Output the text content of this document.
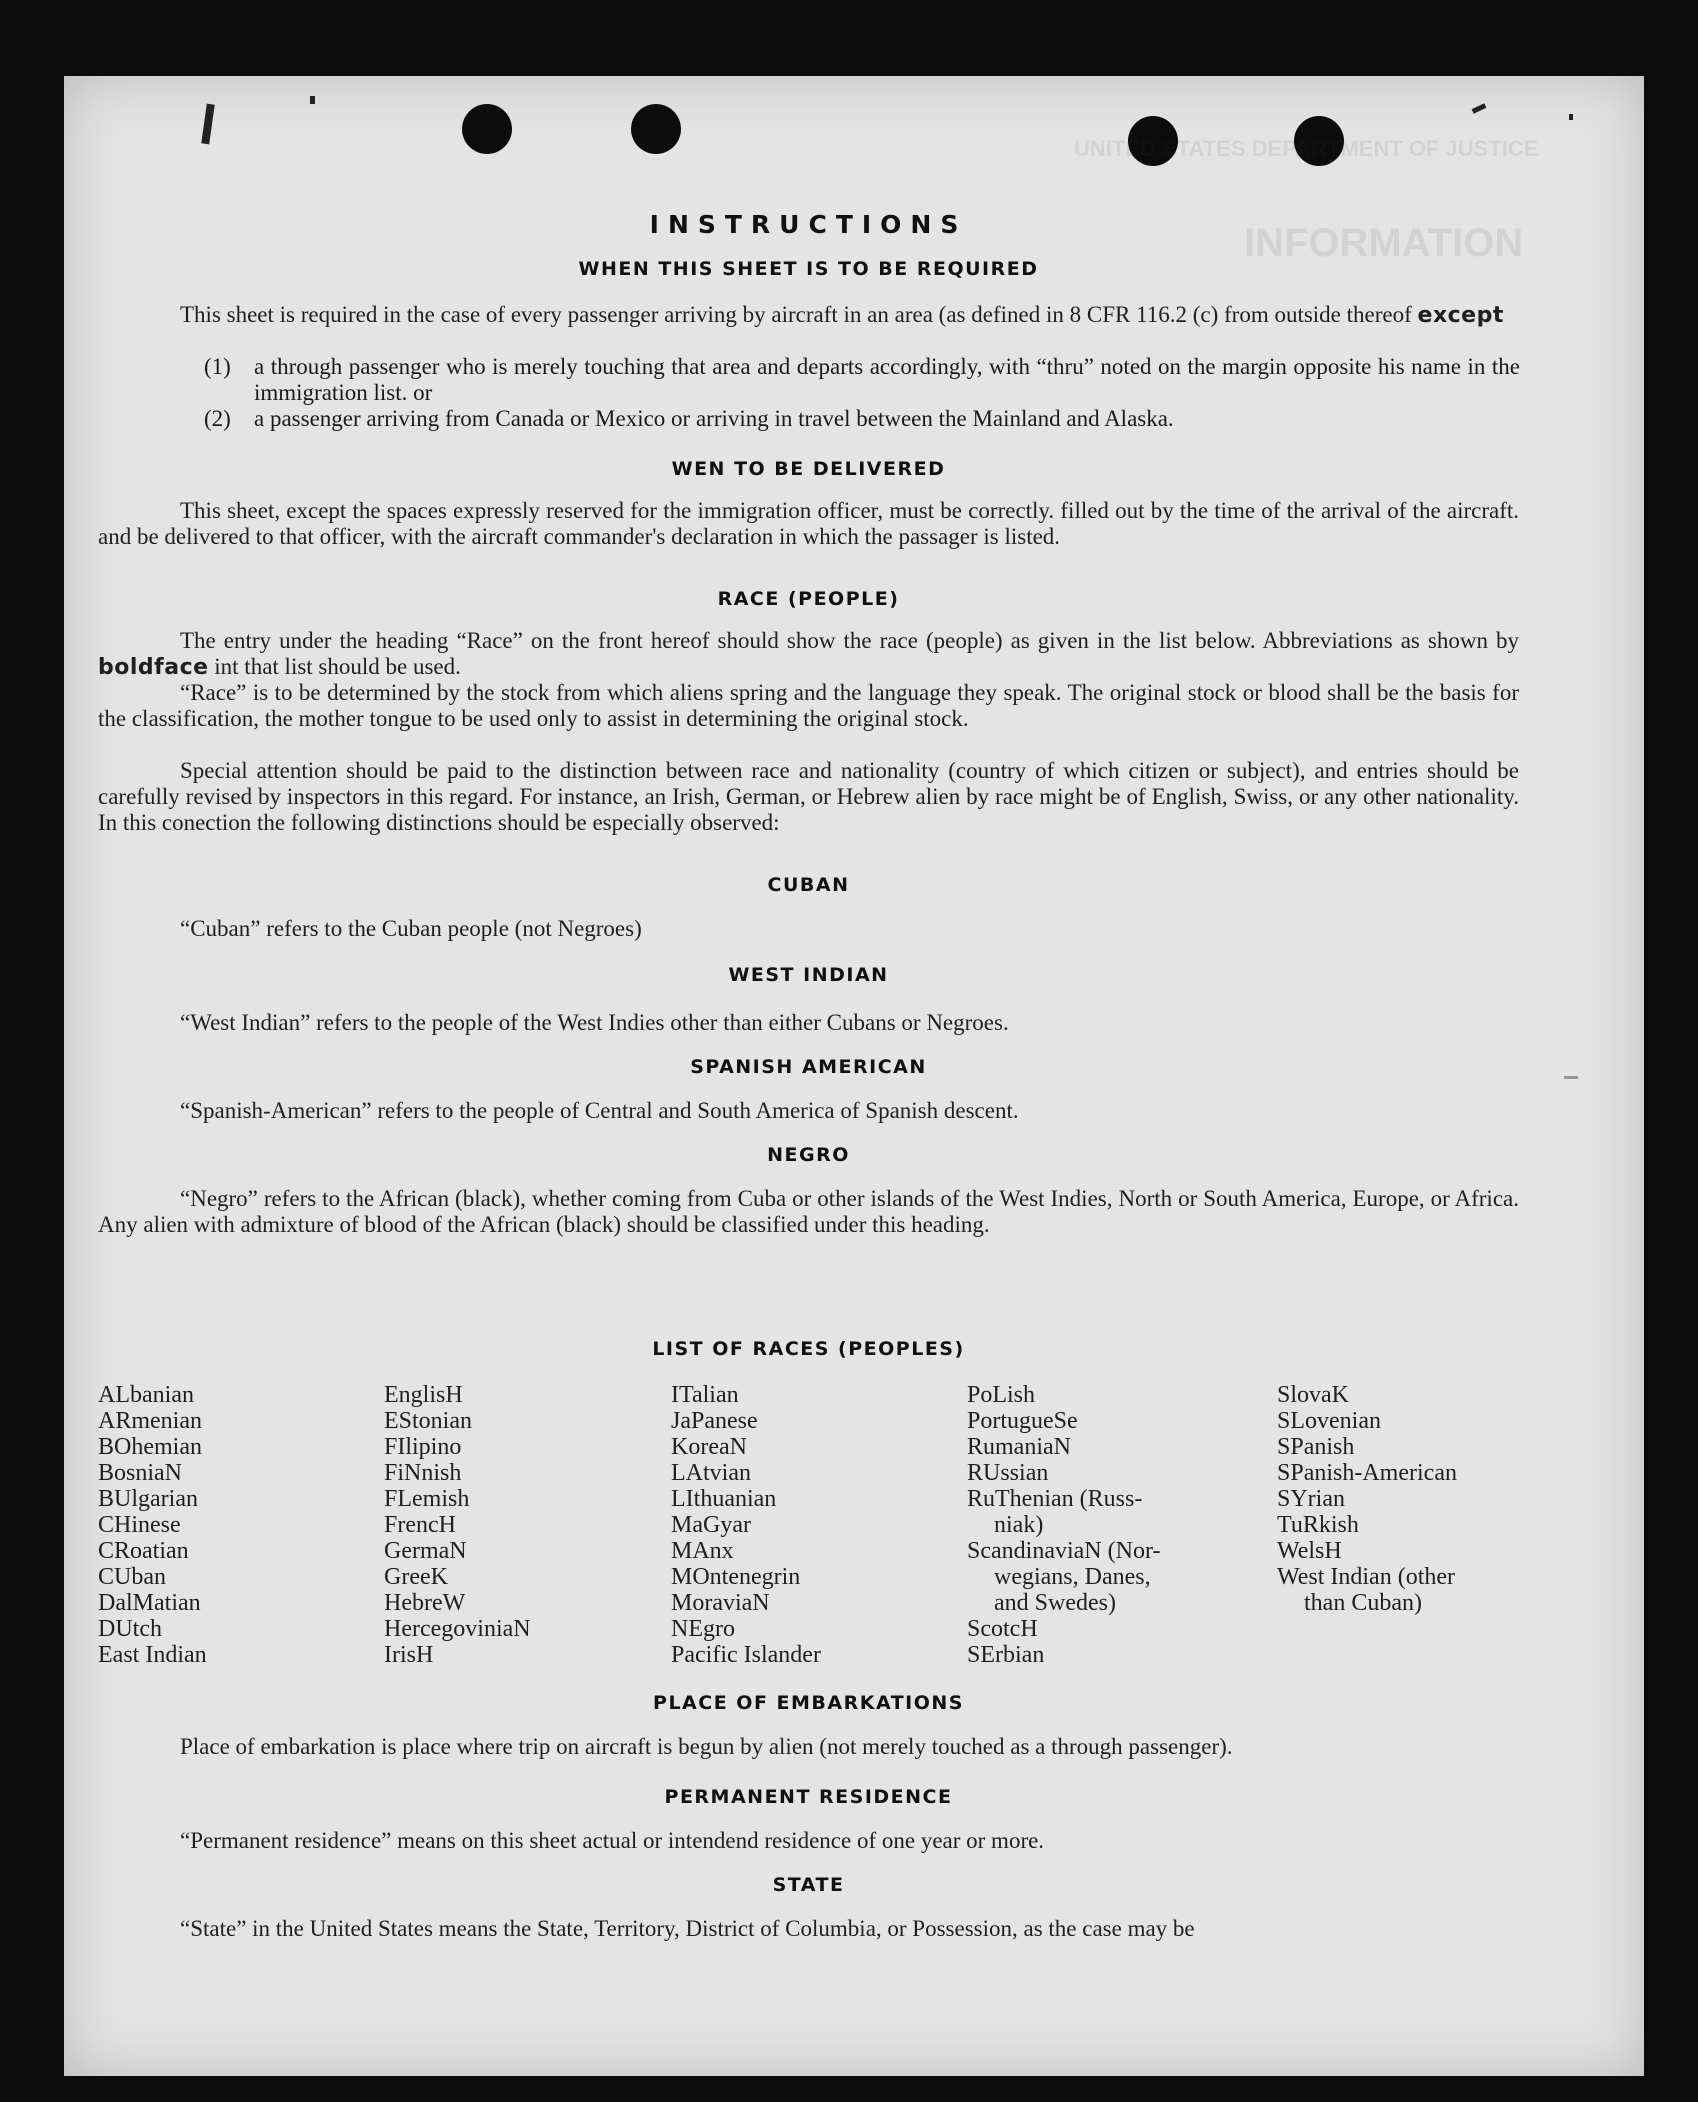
UNITED STATES DEPARTMENT OF JUSTICE
INFORMATION
INSTRUCTIONS
WHEN THIS SHEET IS TO BE REQUIRED
This sheet is required in the case of every passenger arriving by aircraft in an area (as defined in 8 CFR 116.2 (c) from outside thereof except
(1) a through passenger who is merely touching that area and departs accordingly, with “thru” noted on the margin opposite his name in the immigration list. or
(2) a passenger arriving from Canada or Mexico or arriving in travel between the Mainland and Alaska.
WEN TO BE DELIVERED
This sheet, except the spaces expressly reserved for the immigration officer, must be correctly. filled out by the time of the arrival of the aircraft. and be delivered to that officer, with the aircraft commander's declaration in which the passager is listed.
RACE (PEOPLE)
The entry under the heading “Race” on the front hereof should show the race (people) as given in the list below. Abbreviations as shown by boldface int that list should be used.
“Race” is to be determined by the stock from which aliens spring and the language they speak. The original stock or blood shall be the basis for the classification, the mother tongue to be used only to assist in determining the original stock.
Special attention should be paid to the distinction between race and nationality (country of which citizen or subject), and entries should be carefully revised by inspectors in this regard. For instance, an Irish, German, or Hebrew alien by race might be of English, Swiss, or any other nationality. In this conection the following distinctions should be especially observed:
CUBAN
“Cuban” refers to the Cuban people (not Negroes)
WEST INDIAN
“West Indian” refers to the people of the West Indies other than either Cubans or Negroes.
SPANISH AMERICAN
“Spanish-American” refers to the people of Central and South America of Spanish descent.
NEGRO
“Negro” refers to the African (black), whether coming from Cuba or other islands of the West Indies, North or South America, Europe, or Africa. Any alien with admixture of blood of the African (black) should be classified under this heading.
LIST OF RACES (PEOPLES)
ALbanian
ARmenian
BOhemian
BosniaN
BUlgarian
CHinese
CRoatian
CUban
DalMatian
DUtch
East Indian
EnglisH
EStonian
FIlipino
FiNnish
FLemish
FrencH
GermaN
GreeK
HebreW
HercegoviniaN
IrisH
ITalian
JaPanese
KoreaN
LAtvian
LIthuanian
MaGyar
MAnx
MOntenegrin
MoraviaN
NEgro
Pacific Islander
PoLish
PortugueSe
RumaniaN
RUssian
RuThenian (Russ-
niak)
ScandinaviaN (Nor-
wegians, Danes,
and Swedes)
ScotcH
SErbian
SlovaK
SLovenian
SPanish
SPanish-American
SYrian
TuRkish
WelsH
West Indian (other
than Cuban)
PLACE OF EMBARKATIONS
Place of embarkation is place where trip on aircraft is begun by alien (not merely touched as a through passenger).
PERMANENT RESIDENCE
“Permanent residence” means on this sheet actual or intendend residence of one year or more.
STATE
“State” in the United States means the State, Territory, District of Columbia, or Possession, as the case may be
